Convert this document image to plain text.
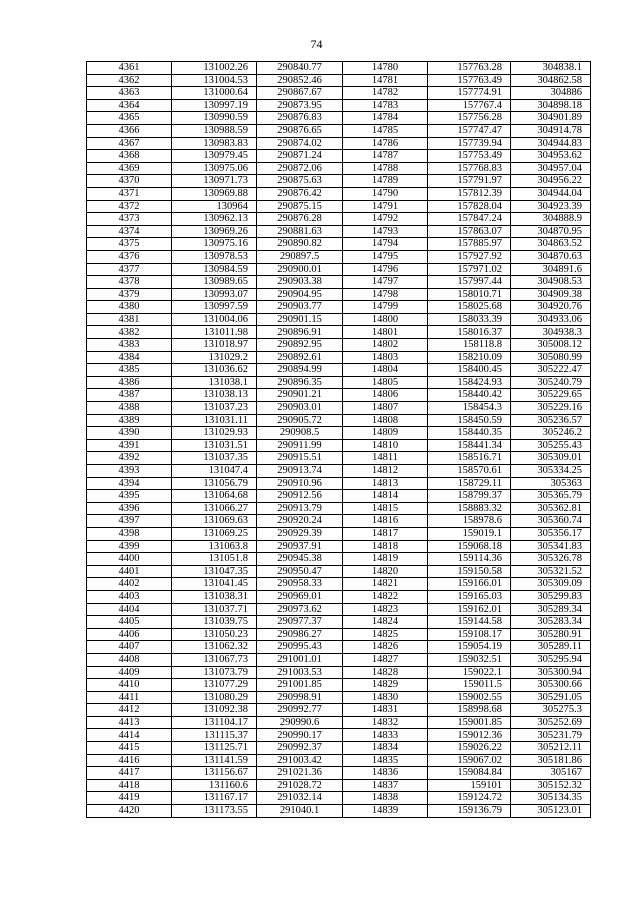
74
4361	131002.26	290840.77	14780	157763.28	304838.1
4362	131004.53	290852.46	14781	157763.49	304862.58
4363	131000.64	290867.67	14782	157774.91	304886
4364	130997.19	290873.95	14783	157767.4	304898.18
4365	130990.59	290876.83	14784	157756.28	304901.89
4366	130988.59	290876.65	14785	157747.47	304914.78
4367	130983.83	290874.02	14786	157739.94	304944.83
4368	130979.45	290871.24	14787	157753.49	304953.62
4369	130975.06	290872.06	14788	157768.83	304957.04
4370	130971.73	290875.63	14789	157791.97	304956.22
4371	130969.88	290876.42	14790	157812.39	304944.04
4372	130964	290875.15	14791	157828.04	304923.39
4373	130962.13	290876.28	14792	157847.24	304888.9
4374	130969.26	290881.63	14793	157863.07	304870.95
4375	130975.16	290890.82	14794	157885.97	304863.52
4376	130978.53	290897.5	14795	157927.92	304870.63
4377	130984.59	290900.01	14796	157971.02	304891.6
4378	130989.65	290903.38	14797	157997.44	304908.53
4379	130993.07	290904.95	14798	158010.71	304909.38
4380	130997.59	290903.77	14799	158025.68	304920.76
4381	131004.06	290901.15	14800	158033.39	304933.06
4382	131011.98	290896.91	14801	158016.37	304938.3
4383	131018.97	290892.95	14802	158118.8	305008.12
4384	131029.2	290892.61	14803	158210.09	305080.99
4385	131036.62	290894.99	14804	158400.45	305222.47
4386	131038.1	290896.35	14805	158424.93	305240.79
4387	131038.13	290901.21	14806	158440.42	305229.65
4388	131037.23	290903.01	14807	158454.3	305229.16
4389	131031.11	290905.72	14808	158450.59	305236.57
4390	131029.93	290908.5	14809	158440.35	305246.2
4391	131031.51	290911.99	14810	158441.34	305255.43
4392	131037.35	290915.51	14811	158516.71	305309.01
4393	131047.4	290913.74	14812	158570.61	305334.25
4394	131056.79	290910.96	14813	158729.11	305363
4395	131064.68	290912.56	14814	158799.37	305365.79
4396	131066.27	290913.79	14815	158883.32	305362.81
4397	131069.63	290920.24	14816	158978.6	305360.74
4398	131069.25	290929.39	14817	159019.1	305356.17
4399	131063.8	290937.91	14818	159068.18	305341.83
4400	131051.8	290945.38	14819	159114.36	305326.78
4401	131047.35	290950.47	14820	159150.58	305321.52
4402	131041.45	290958.33	14821	159166.01	305309.09
4403	131038.31	290969.01	14822	159165.03	305299.83
4404	131037.71	290973.62	14823	159162.01	305289.34
4405	131039.75	290977.37	14824	159144.58	305283.34
4406	131050.23	290986.27	14825	159108.17	305280.91
4407	131062.32	290995.43	14826	159054.19	305289.11
4408	131067.73	291001.01	14827	159032.51	305295.94
4409	131073.79	291003.53	14828	159022.1	305300.94
4410	131077.29	291001.85	14829	159011.5	305300.66
4411	131080.29	290998.91	14830	159002.55	305291.05
4412	131092.38	290992.77	14831	158998.68	305275.3
4413	131104.17	290990.6	14832	159001.85	305252.69
4414	131115.37	290990.17	14833	159012.36	305231.79
4415	131125.71	290992.37	14834	159026.22	305212.11
4416	131141.59	291003.42	14835	159067.02	305181.86
4417	131156.67	291021.36	14836	159084.84	305167
4418	131160.6	291028.72	14837	159101	305152.32
4419	131167.17	291032.14	14838	159124.72	305134.35
4420	131173.55	291040.1	14839	159136.79	305123.01
